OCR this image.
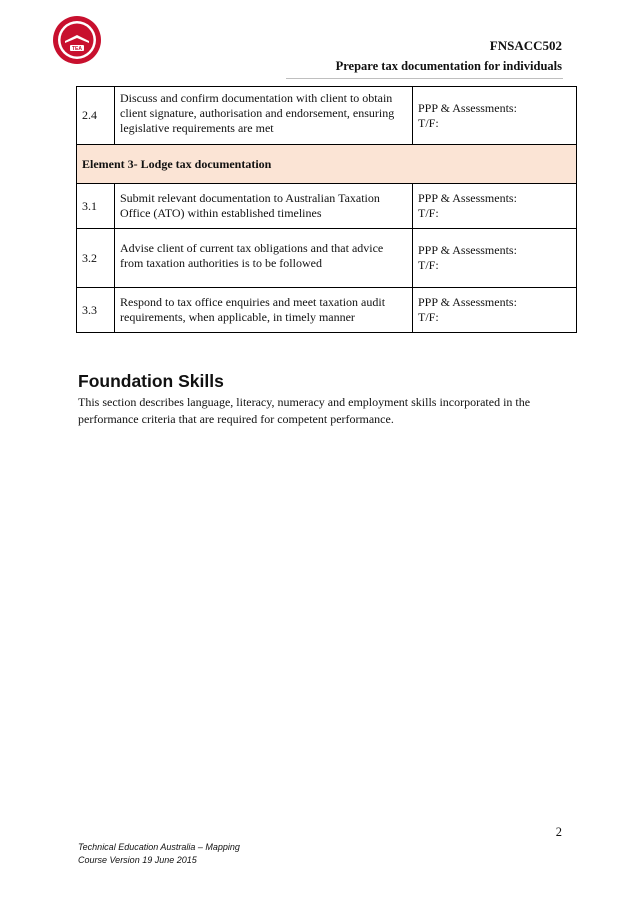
TEA	FNSACC502
Prepare tax documentation for individuals
2.4	Discuss and confirm documentation with client to obtain client signature, authorisation and endorsement, ensuring legislative requirements are met	PPP & Assessments:
T/F:

Element 3- Lodge tax documentation		
3.1	Submit relevant documentation to Australian Taxation Office (ATO) within established timelines	PPP & Assessments:
T/F:

3.2	Advise client of current tax obligations and that advice from taxation authorities is to be followed	PPP & Assessments:
T/F:

3.3	Respond to tax office enquiries and meet taxation audit requirements, when applicable, in timely manner	PPP & Assessments:
T/F:
Foundation Skills
This section describes language, literacy, numeracy and employment skills incorporated in the performance criteria that are required for competent performance.
2
Technical Education Australia – Mapping
Course Version 19 June 2015
